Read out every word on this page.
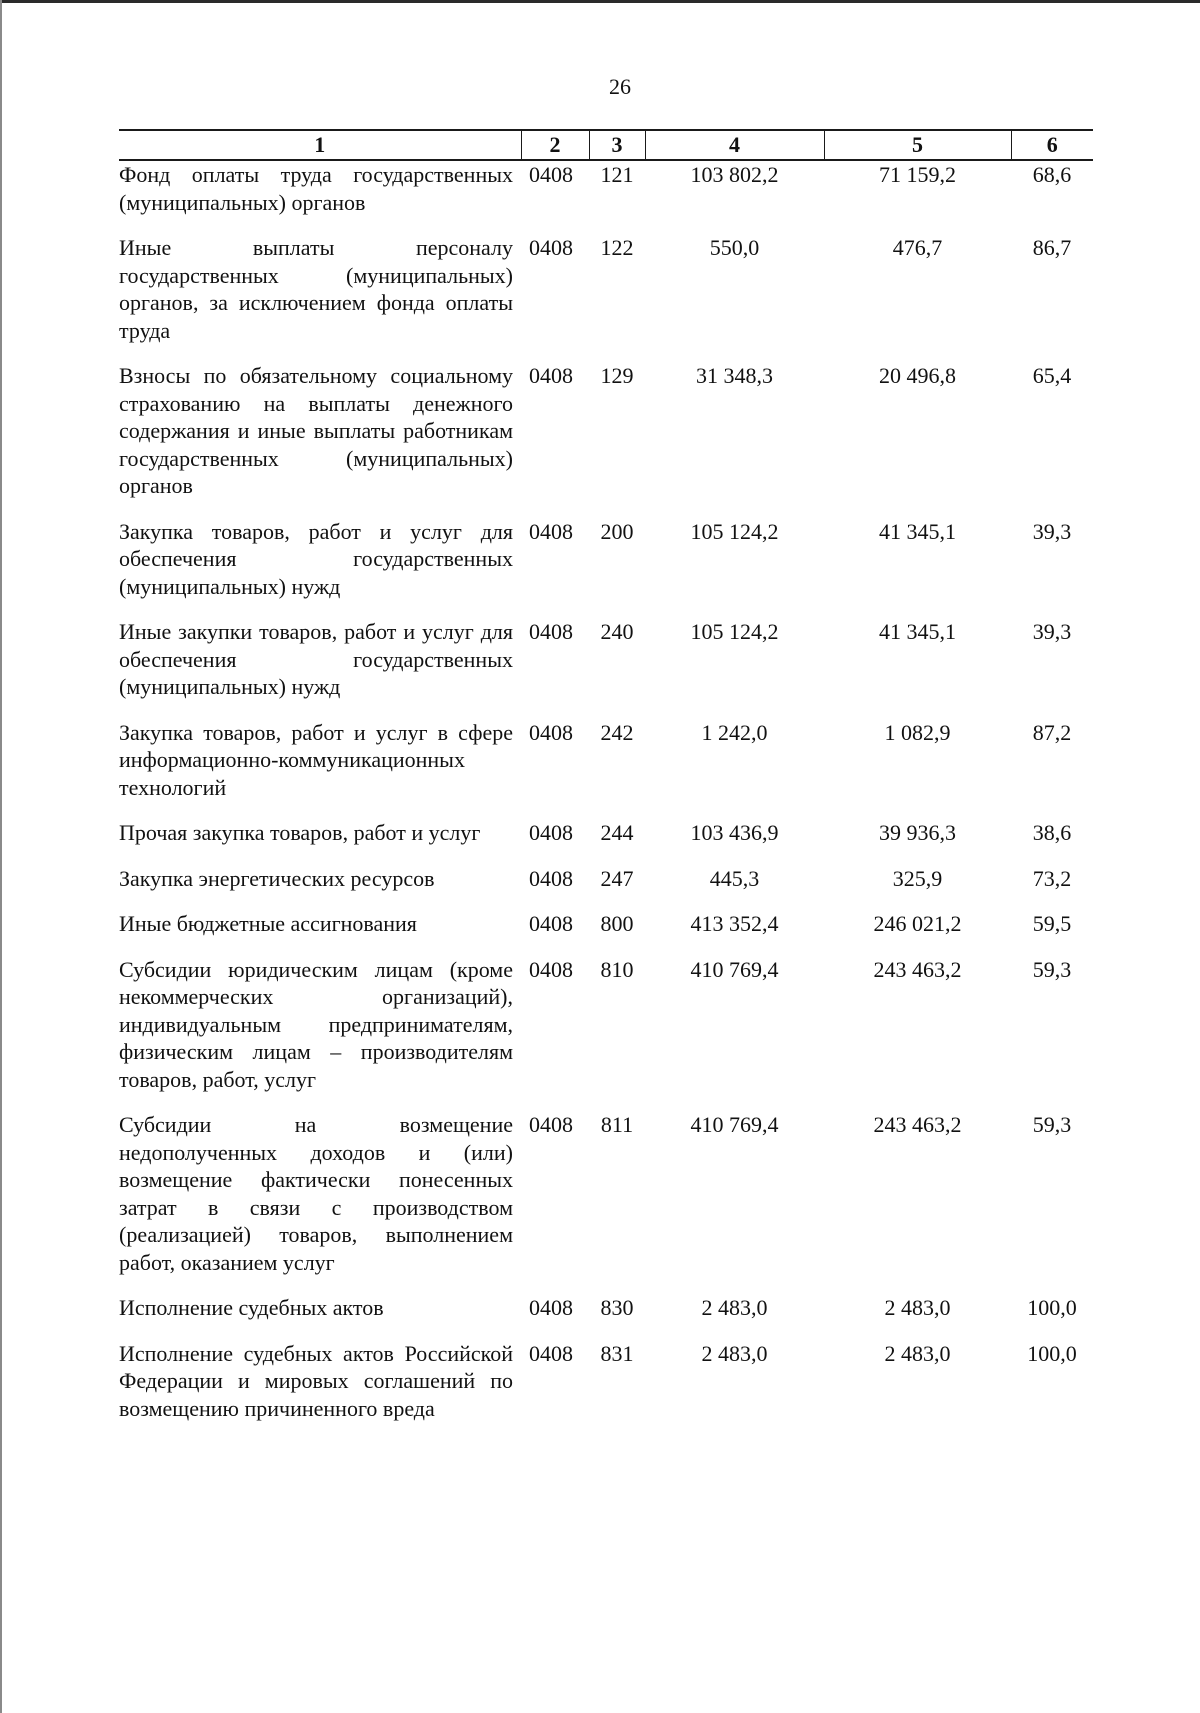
26
1	2	3	4	5	6
Фонд оплаты труда государственных (муниципальных) органов	0408	121	103 802,2	71 159,2	68,6
Иные выплаты персоналу государственных (муниципальных) органов, за исключением фонда оплаты труда	0408	122	550,0	476,7	86,7
Взносы по обязательному социальному страхованию на выплаты денежного содержания и иные выплаты работникам государственных (муниципальных) органов	0408	129	31 348,3	20 496,8	65,4
Закупка товаров, работ и услуг для обеспечения государственных (муниципальных) нужд	0408	200	105 124,2	41 345,1	39,3
Иные закупки товаров, работ и услуг для обеспечения государственных (муниципальных) нужд	0408	240	105 124,2	41 345,1	39,3
Закупка товаров, работ и услуг в сфере информационно-коммуникационных технологий	0408	242	1 242,0	1 082,9	87,2
Прочая закупка товаров, работ и услуг	0408	244	103 436,9	39 936,3	38,6
Закупка энергетических ресурсов	0408	247	445,3	325,9	73,2
Иные бюджетные ассигнования	0408	800	413 352,4	246 021,2	59,5
Субсидии юридическим лицам (кроме некоммерческих организаций), индивидуальным предпринимателям, физическим лицам – производителям товаров, работ, услуг	0408	810	410 769,4	243 463,2	59,3
Субсидии на возмещение недополученных доходов и (или) возмещение фактически понесенных затрат в связи с производством (реализацией) товаров, выполнением работ, оказанием услуг	0408	811	410 769,4	243 463,2	59,3
Исполнение судебных актов	0408	830	2 483,0	2 483,0	100,0
Исполнение судебных актов Российской Федерации и мировых соглашений по возмещению причиненного вреда	0408	831	2 483,0	2 483,0	100,0
